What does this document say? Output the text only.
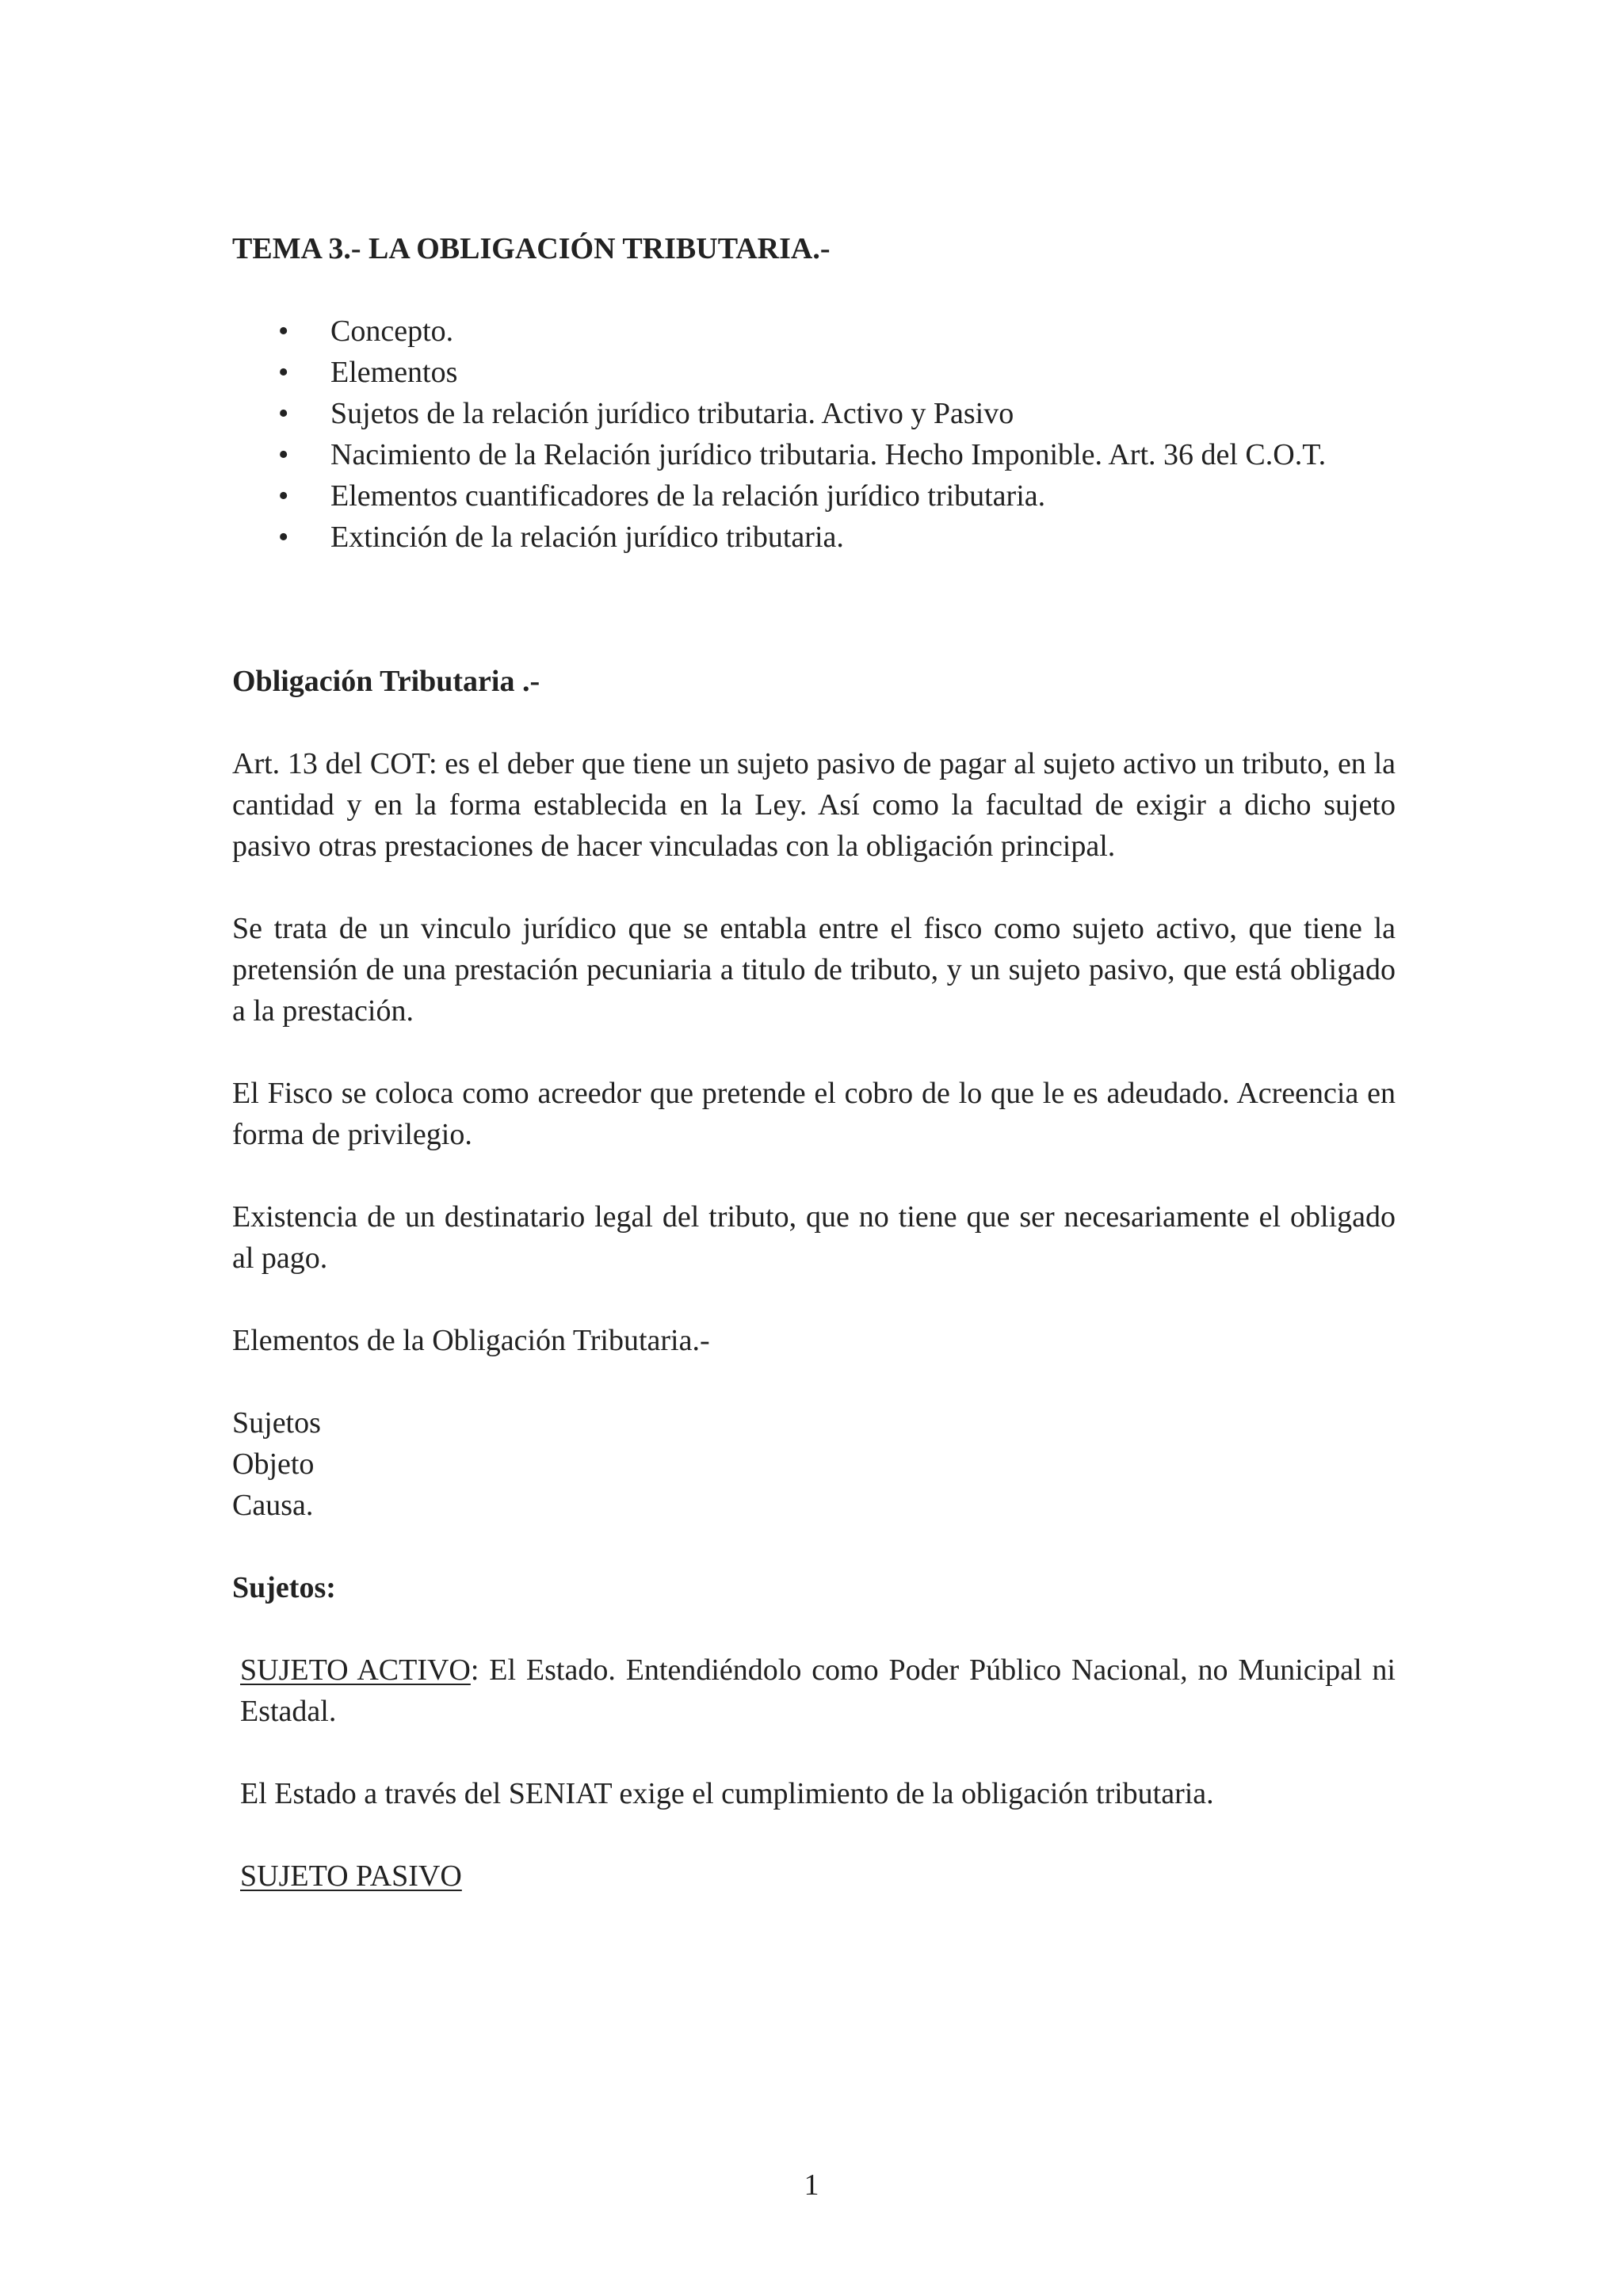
TEMA 3.- LA OBLIGACIÓN TRIBUTARIA.-
• Concepto.
• Elementos
• Sujetos de la relación jurídico tributaria. Activo y Pasivo
• Nacimiento de la Relación jurídico tributaria. Hecho Imponible. Art. 36 del C.O.T.
• Elementos cuantificadores de la relación jurídico tributaria.
• Extinción de la relación jurídico tributaria.
Obligación Tributaria .-

Art. 13 del COT: es el deber que tiene un sujeto pasivo de pagar al sujeto activo un tributo, en la cantidad y en la forma establecida en la Ley. Así como la facultad de exigir a dicho sujeto pasivo otras prestaciones de hacer vinculadas con la obligación principal.

Se trata de un vinculo jurídico que se entabla entre el fisco como sujeto activo, que tiene la pretensión de una prestación pecuniaria a titulo de tributo, y un sujeto pasivo, que está obligado a la prestación.

El Fisco se coloca como acreedor que pretende el cobro de lo que le es adeudado. Acreencia en forma de privilegio.

Existencia de un destinatario legal del tributo, que no tiene que ser necesariamente el obligado al pago.

Elementos de la Obligación Tributaria.-

Sujetos
Objeto
Causa.
Sujetos:

SUJETO ACTIVO: El Estado. Entendiéndolo como Poder Público Nacional, no Municipal ni Estadal.

El Estado a través del SENIAT exige el cumplimiento de la obligación tributaria.

SUJETO PASIVO

1
